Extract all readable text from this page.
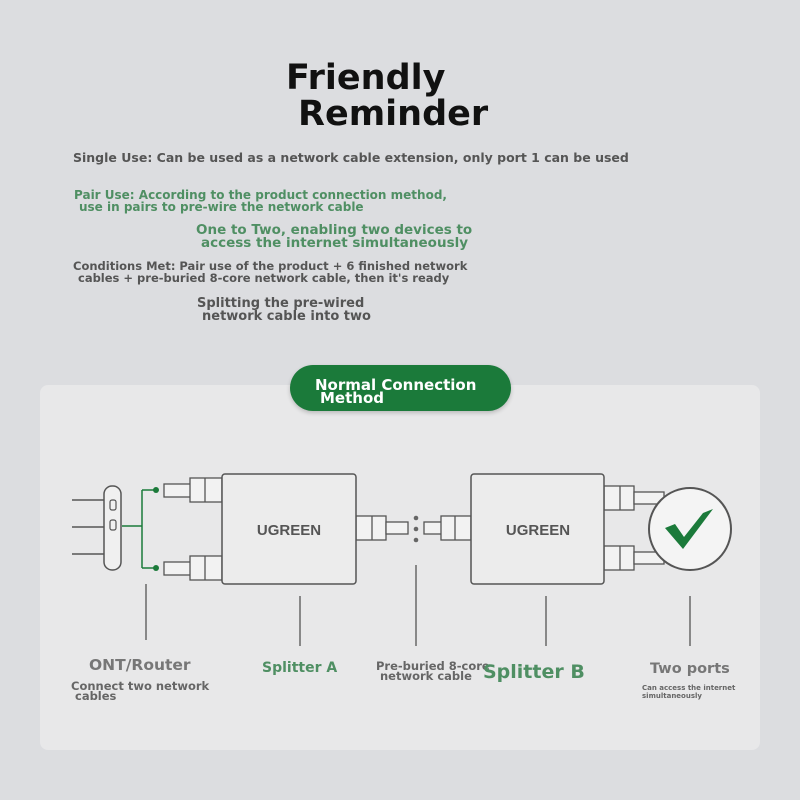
Friendly
Reminder
Single Use: Can be used as a network cable extension, only port 1 can be used
Pair Use: According to the product connection method,
use in pairs to pre-wire the network cable
One to Two, enabling two devices to
access the internet simultaneously
Conditions Met: Pair use of the product + 6 finished network
cables + pre-buried 8-core network cable, then it's ready
Splitting the pre-wired
network cable into two
Normal Connection
Method
UGREEN	UGREEN
ONT/Router
Connect two network
cables
Splitter A	Pre-buried 8-core
network cable Splitter B	Two ports
Can access the internet
simultaneously
